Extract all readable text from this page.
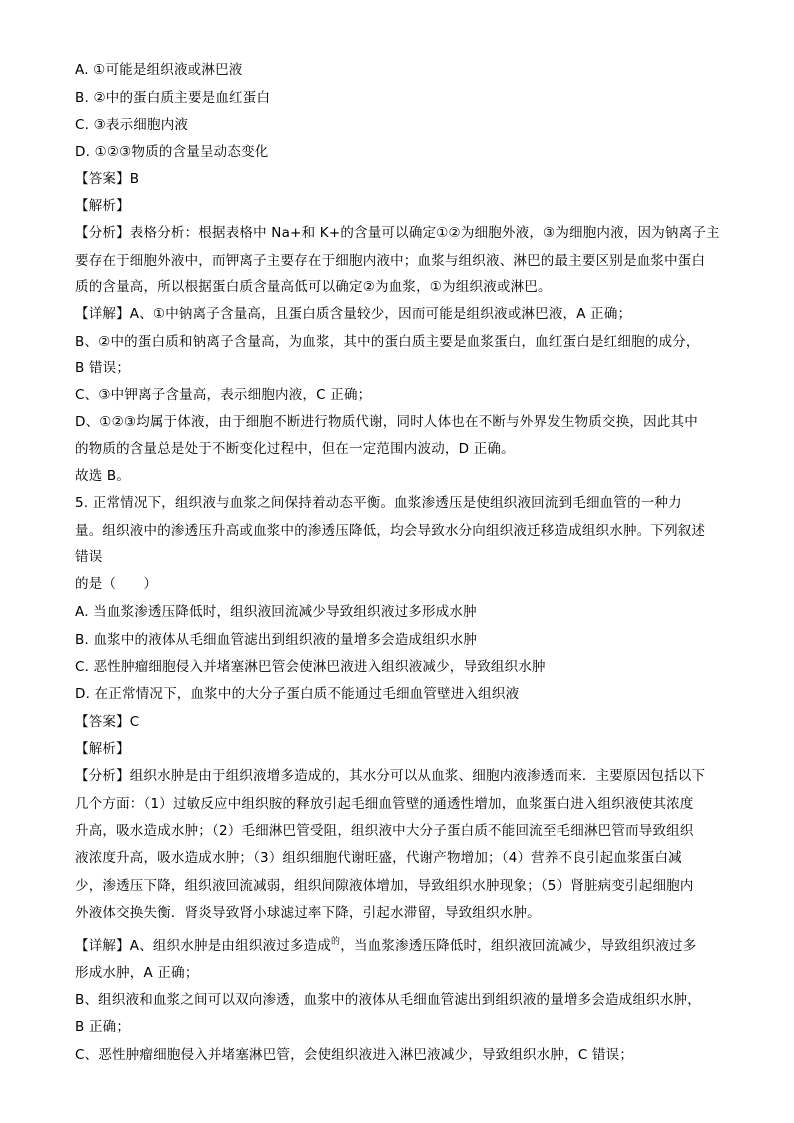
A. ①可能是组织液或淋巴液
B. ②中的蛋白质主要是血红蛋白
C. ③表示细胞内液
D. ①②③物质的含量呈动态变化
【答案】B
【解析】
【分析】表格分析：根据表格中 Na+和 K+的含量可以确定①②为细胞外液，③为细胞内液，因为钠离子主
要存在于细胞外液中，而钾离子主要存在于细胞内液中；血浆与组织液、淋巴的最主要区别是血浆中蛋白
质的含量高，所以根据蛋白质含量高低可以确定②为血浆，①为组织液或淋巴。
【详解】A、①中钠离子含量高，且蛋白质含量较少，因而可能是组织液或淋巴液，A 正确；
B、②中的蛋白质和钠离子含量高，为血浆，其中的蛋白质主要是血浆蛋白，血红蛋白是红细胞的成分，
B 错误；
C、③中钾离子含量高，表示细胞内液，C 正确；
D、①②③均属于体液，由于细胞不断进行物质代谢，同时人体也在不断与外界发生物质交换，因此其中
的物质的含量总是处于不断变化过程中，但在一定范围内波动，D 正确。
故选 B。
5. 正常情况下，组织液与血浆之间保持着动态平衡。血浆渗透压是使组织液回流到毛细血管的一种力
量。组织液中的渗透压升高或血浆中的渗透压降低，均会导致水分向组织液迁移造成组织水肿。下列叙述
错误
的是（　　）
A. 当血浆渗透压降低时，组织液回流减少导致组织液过多形成水肿
B. 血浆中的液体从毛细血管滤出到组织液的量增多会造成组织水肿
C. 恶性肿瘤细胞侵入并堵塞淋巴管会使淋巴液进入组织液减少，导致组织水肿
D. 在正常情况下，血浆中的大分子蛋白质不能通过毛细血管壁进入组织液
【答案】C
【解析】
【分析】组织水肿是由于组织液增多造成的，其水分可以从血浆、细胞内液渗透而来．主要原因包括以下
几个方面：（1）过敏反应中组织胺的释放引起毛细血管壁的通透性增加，血浆蛋白进入组织液使其浓度
升高，吸水造成水肿；（2）毛细淋巴管受阻，组织液中大分子蛋白质不能回流至毛细淋巴管而导致组织
液浓度升高，吸水造成水肿；（3）组织细胞代谢旺盛，代谢产物增加；（4）营养不良引起血浆蛋白减
少，渗透压下降，组织液回流减弱，组织间隙液体增加，导致组织水肿现象；（5）肾脏病变引起细胞内
外液体交换失衡．肾炎导致肾小球滤过率下降，引起水滞留，导致组织水肿。
【详解】A、组织水肿是由组织液过多造成$^的$，当血浆渗透压降低时，组织液回流减少，导致组织液过多
形成水肿，A 正确；
B、组织液和血浆之间可以双向渗透，血浆中的液体从毛细血管滤出到组织液的量增多会造成组织水肿，
B 正确；
C、恶性肿瘤细胞侵入并堵塞淋巴管，会使组织液进入淋巴液减少，导致组织水肿，C 错误；
